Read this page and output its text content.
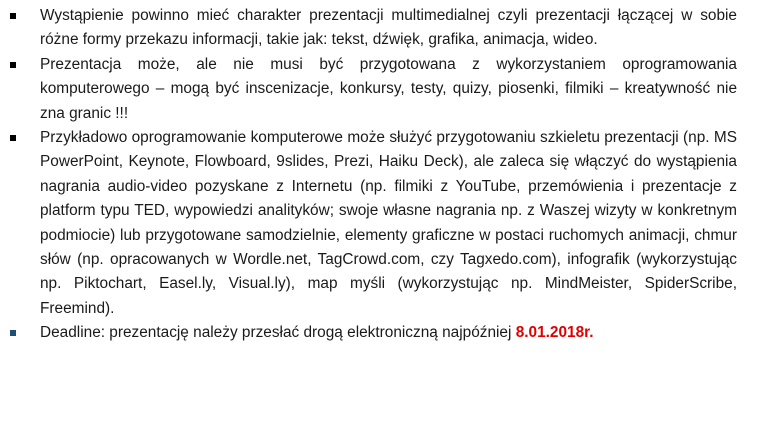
Wystąpienie powinno mieć charakter prezentacji multimedialnej czyli prezentacji łączącej w sobie różne formy przekazu informacji, takie jak: tekst, dźwięk, grafika, animacja, wideo.
Prezentacja może, ale nie musi być przygotowana z wykorzystaniem oprogramowania komputerowego – mogą być inscenizacje, konkursy, testy, quizy, piosenki, filmiki – kreatywność nie zna granic !!!
Przykładowo oprogramowanie komputerowe może służyć przygotowaniu szkieletu prezentacji (np. MS PowerPoint, Keynote, Flowboard, 9slides, Prezi, Haiku Deck), ale zaleca się włączyć do wystąpienia nagrania audio-video pozyskane z Internetu (np. filmiki z YouTube, przemówienia i prezentacje z platform typu TED, wypowiedzi analityków; swoje własne nagrania np. z Waszej wizyty w konkretnym podmiocie) lub przygotowane samodzielnie, elementy graficzne w postaci ruchomych animacji, chmur słów (np. opracowanych w Wordle.net, TagCrowd.com, czy Tagxedo.com), infografik (wykorzystując np. Piktochart, Easel.ly, Visual.ly), map myśli (wykorzystując np. MindMeister, SpiderScribe, Freemind).
Deadline: prezentację należy przesłać drogą elektroniczną najpóźniej 8.01.2018r.
